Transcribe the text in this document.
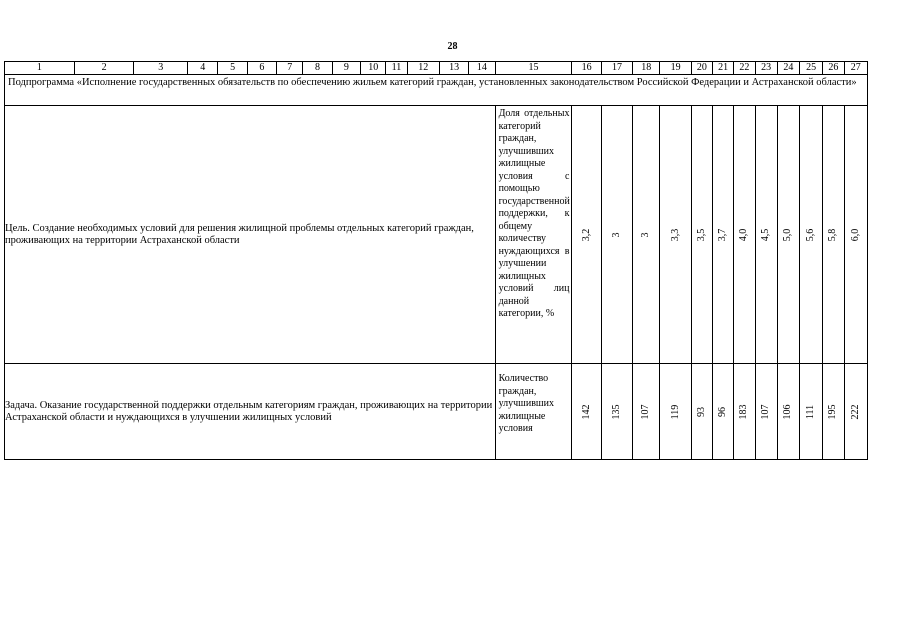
28
1	2	3	4	5	6	7	8	9	10	11	12	13	14	15	16	17	18	19	20	21	22	23	24	25	26	27
Подпрограмма «Исполнение государственных обязательств по обеспечению жильем категорий граждан, установленных законодательством Российской Федерации и Астраханской области»																										
Цель. Создание необходимых условий для решения жилищной проблемы отдельных категорий граждан, проживающих на территории Астраханской области														Доля отдельных категорий граждан, улучшивших жилищные условия с помощью государственной поддержки, к общему количеству нуждающихся в улучшении жилищных условий лиц данной категории, %	3,2	3	3	3,3	3,5	3,7	4,0	4,5	5,0	5,6	5,8	6,0

Задача. Оказание государственной поддержки отдельным категориям граждан, проживающих на территории Астраханской области и нуждающихся в улучшении жилищных условий														Количество граждан, улучшивших жилищные условия	142	135	107	119	93	96	183	107	106	111	195	222
